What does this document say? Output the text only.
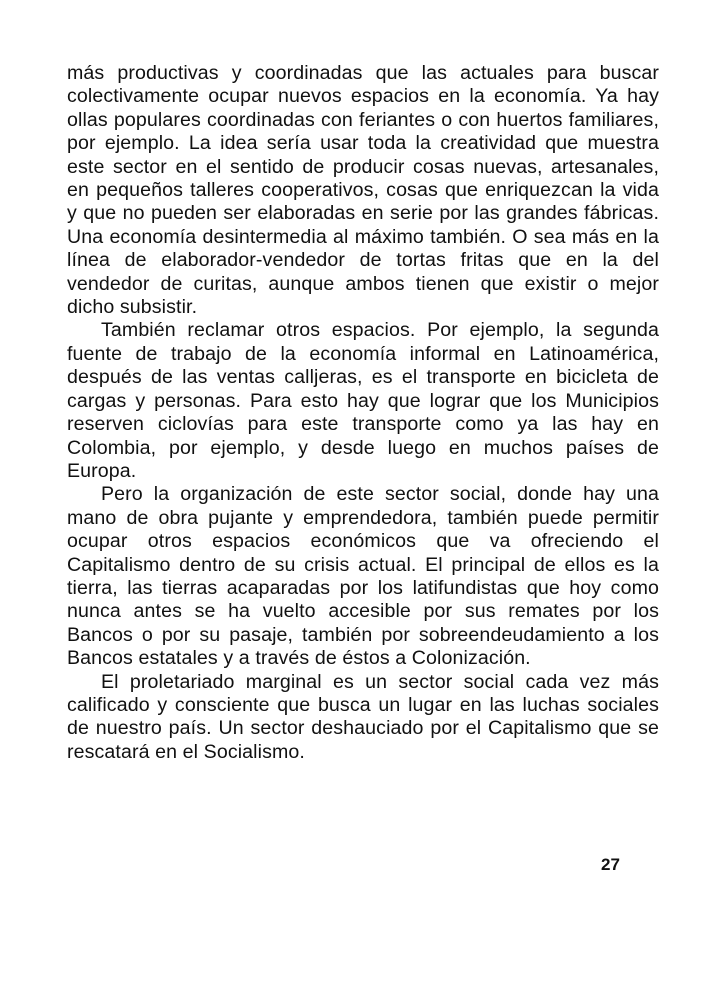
más productivas y coordinadas que las actuales para buscar colectivamente ocupar nuevos espacios en la economía. Ya hay ollas populares coordinadas con feriantes o con huertos familiares, por ejemplo. La idea sería usar toda la creatividad que muestra este sector en el sentido de producir cosas nuevas, artesanales, en pequeños talleres cooperativos, cosas que enriquezcan la vida y que no pueden ser elaboradas en serie por las grandes fábricas. Una economía desintermedia al máximo también. O sea más en la línea de elaborador-vendedor de tortas fritas que en la del vendedor de curitas, aunque ambos tienen que existir o mejor dicho subsistir.

También reclamar otros espacios. Por ejemplo, la segunda fuente de trabajo de la economía informal en Latinoamérica, después de las ventas calljeras, es el transporte en bicicleta de cargas y personas. Para esto hay que lograr que los Municipios reserven ciclovías para este transporte como ya las hay en Colombia, por ejemplo, y desde luego en muchos países de Europa.

Pero la organización de este sector social, donde hay una mano de obra pujante y emprendedora, también puede permitir ocupar otros espacios económicos que va ofreciendo el Capitalismo dentro de su crisis actual. El principal de ellos es la tierra, las tierras acaparadas por los latifundistas que hoy como nunca antes se ha vuelto accesible por sus remates por los Bancos o por su pasaje, también por sobreendeudamiento a los Bancos estatales y a través de éstos a Colonización.

El proletariado marginal es un sector social cada vez más calificado y consciente que busca un lugar en las luchas sociales de nuestro país. Un sector deshauciado por el Capitalismo que se rescatará en el Socialismo.

27
